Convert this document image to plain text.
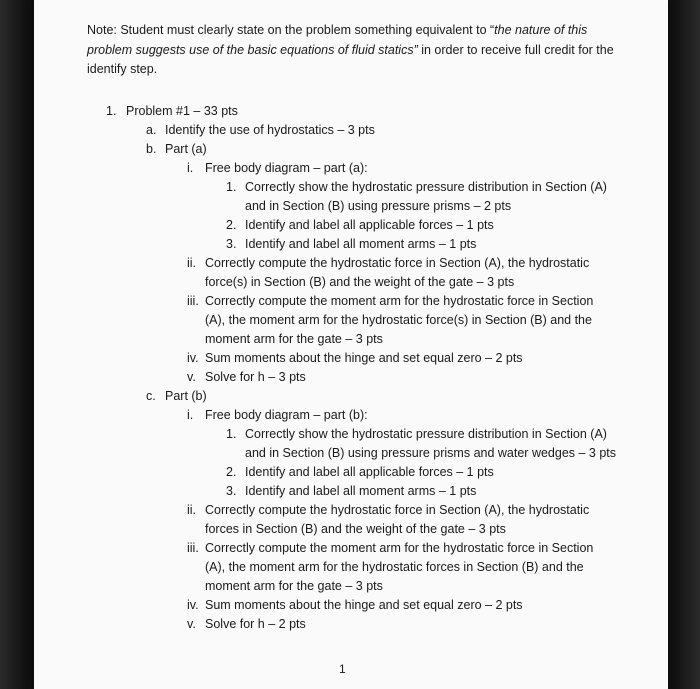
Note: Student must clearly state on the problem something equivalent to “the nature of this problem suggests use of the basic equations of fluid statics” in order to receive full credit for the identify step.
1. Problem #1 – 33 pts
a. Identify the use of hydrostatics – 3 pts
b. Part (a)
i. Free body diagram – part (a):
1. Correctly show the hydrostatic pressure distribution in Section (A)
and in Section (B) using pressure prisms – 2 pts
2. Identify and label all applicable forces – 1 pts
3. Identify and label all moment arms – 1 pts
ii. Correctly compute the hydrostatic force in Section (A), the hydrostatic
force(s) in Section (B) and the weight of the gate – 3 pts
iii. Correctly compute the moment arm for the hydrostatic force in Section
(A), the moment arm for the hydrostatic force(s) in Section (B) and the
moment arm for the gate – 3 pts
iv. Sum moments about the hinge and set equal zero – 2 pts
v. Solve for h – 3 pts
c. Part (b)
i. Free body diagram – part (b):
1. Correctly show the hydrostatic pressure distribution in Section (A)
and in Section (B) using pressure prisms and water wedges – 3 pts
2. Identify and label all applicable forces – 1 pts
3. Identify and label all moment arms – 1 pts
ii. Correctly compute the hydrostatic force in Section (A), the hydrostatic
forces in Section (B) and the weight of the gate – 3 pts
iii. Correctly compute the moment arm for the hydrostatic force in Section
(A), the moment arm for the hydrostatic forces in Section (B) and the
moment arm for the gate – 3 pts
iv. Sum moments about the hinge and set equal zero – 2 pts
v. Solve for h – 2 pts
1
